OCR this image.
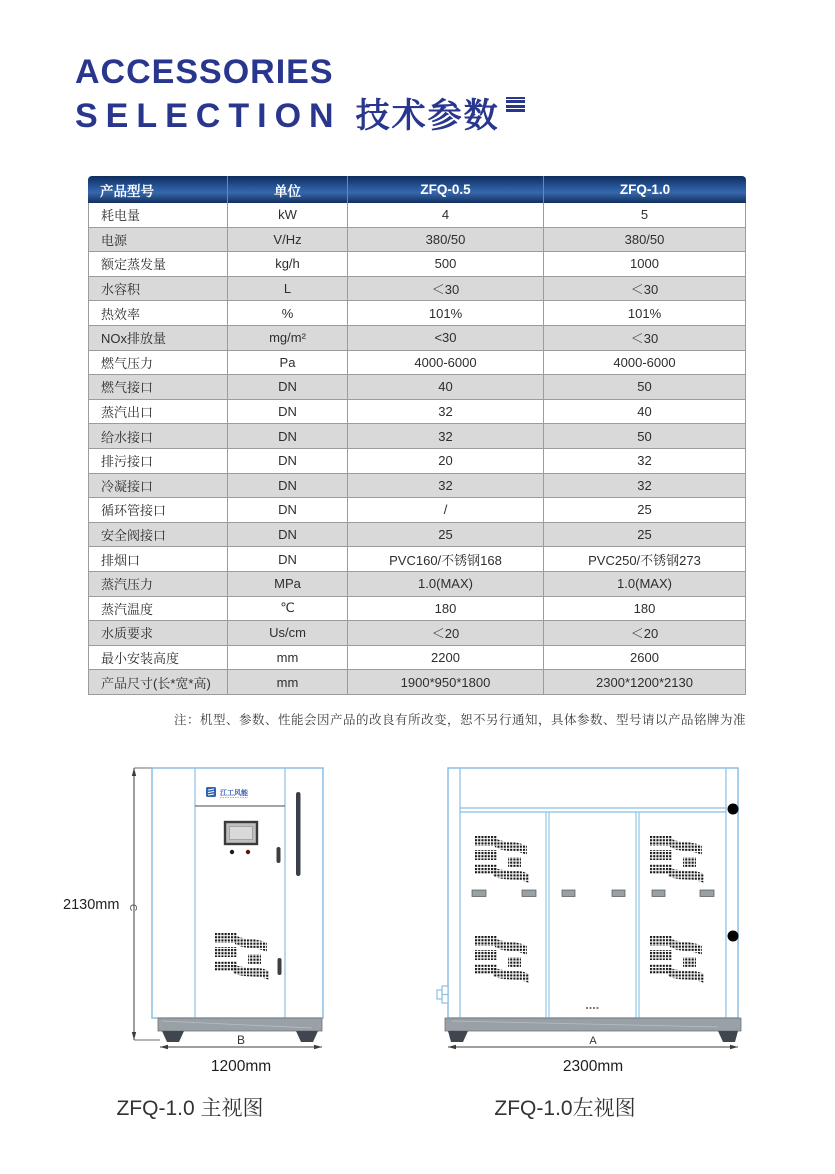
ACCESSORIES
SELECTION 技术参数
产品型号	单位	ZFQ-0.5	ZFQ-1.0
耗电量	kW	4	5
电源	V/Hz	380/50	380/50
额定蒸发量	kg/h	500	1000
水容积	L	＜30	＜30
热效率	%	101%	101%
NOx排放量	mg/m²	<30	＜30
燃气压力	Pa	4000-6000	4000-6000
燃气接口	DN	40	50
蒸汽出口	DN	32	40
给水接口	DN	32	50
排污接口	DN	20	32
冷凝接口	DN	32	32
循环管接口	DN	/	25
安全阀接口	DN	25	25
排烟口	DN	PVC160/不锈钢168	PVC250/不锈钢273
蒸汽压力	MPa	1.0(MAX)	1.0(MAX)
蒸汽温度	℃	180	180
水质要求	Us/cm	＜20	＜20
最小安装高度	mm	2200	2600
产品尺寸(长*宽*高)	mm	1900*950*1800	2300*1200*2130
注：机型、参数、性能会因产品的改良有所改变，恕不另行通知，具体参数、型号请以产品铭牌为准
2130mm C
江工风能
B
1200mm
A
2300mm
ZFQ-1.0 主视图	ZFQ-1.0左视图
